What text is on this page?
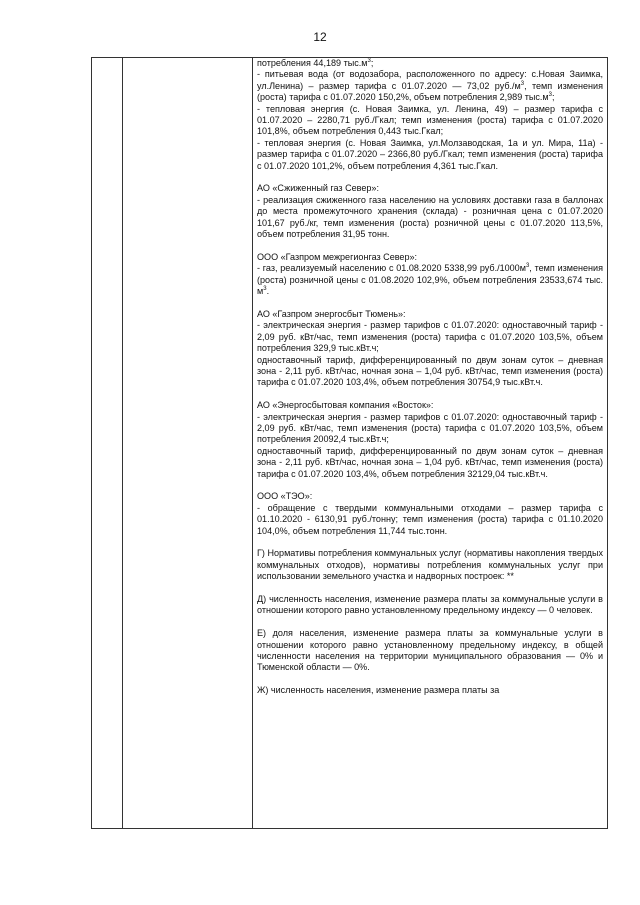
12

потребления 44,189 $тыс.м^3$;

- питьевая вода (от водозабора, расположенного по адресу: с.Новая Заимка, ул.Ленина) – размер тарифа с 01.07.2020 — 73,02 $руб./м^3$, темп изменения (роста) тарифа с 01.07.2020 150,2%, объем потребления 2,989 $тыс.м^3$;

- тепловая энергия (с. Новая Заимка, ул. Ленина, 49) – размер тарифа с 01.07.2020 – 2280,71 руб./Гкал; темп изменения (роста) тарифа с 01.07.2020 101,8%, объем потребления 0,443 тыс.Гкал;

- тепловая энергия (с. Новая Заимка, ул.Молзаводская, 1а и ул. Мира, 11а) - размер тарифа с 01.07.2020 – 2366,80 руб./Гкал; темп изменения (роста) тарифа с 01.07.2020 101,2%, объем потребления 4,361 тыс.Гкал.

АО «Сжиженный газ Север»:

- реализация сжиженного газа населению на условиях доставки газа в баллонах до места промежуточного хранения (склада) - розничная цена с 01.07.2020 101,67 руб./кг, темп изменения (роста) розничной цены с 01.07.2020 113,5%, объем потребления 31,95 тонн.

ООО «Газпром межрегионгаз Север»:

- газ, реализуемый населению с 01.08.2020 5338,99 $руб./1000м^3$, темп изменения (роста) розничной цены с 01.08.2020 102,9%, объем потребления 23533,674 тыс. $м^3$.

АО «Газпром энергосбыт Тюмень»:

- электрическая энергия - размер тарифов с 01.07.2020: одноставочный тариф - 2,09 руб. кВт/час, темп изменения (роста) тарифа с 01.07.2020 103,5%, объем потребления 329,9 тыс.кВт.ч;

одноставочный тариф, дифференцированный по двум зонам суток – дневная зона - 2,11 руб. кВт/час, ночная зона – 1,04 руб. кВт/час, темп изменения (роста) тарифа с 01.07.2020 103,4%, объем потребления 30754,9 тыс.кВт.ч.

АО «Энергосбытовая компания «Восток»:

- электрическая энергия - размер тарифов с 01.07.2020: одноставочный тариф - 2,09 руб. кВт/час, темп изменения (роста) тарифа с 01.07.2020 103,5%, объем потребления 20092,4 тыс.кВт.ч;

одноставочный тариф, дифференцированный по двум зонам суток – дневная зона - 2,11 руб. кВт/час, ночная зона – 1,04 руб. кВт/час, темп изменения (роста) тарифа с 01.07.2020 103,4%, объем потребления 32129,04 тыс.кВт.ч.

ООО «ТЭО»:

- обращение с твердыми коммунальными отходами – размер тарифа с 01.10.2020 - 6130,91 руб./тонну; темп изменения (роста) тарифа с 01.10.2020 104,0%, объем потребления 11,744 тыс.тонн.

Г) Нормативы потребления коммунальных услуг (нормативы накопления твердых коммунальных отходов), нормативы потребления коммунальных услуг при использовании земельного участка и надворных построек: **

Д) численность населения, изменение размера платы за коммунальные услуги в отношении которого равно установленному предельному индексу — 0 человек.

Е) доля населения, изменение размера платы за коммунальные услуги в отношении которого равно установленному предельному индексу, в общей численности населения на территории муниципального образования — 0% и Тюменской области — 0%.

Ж) численность населения, изменение размера платы за
